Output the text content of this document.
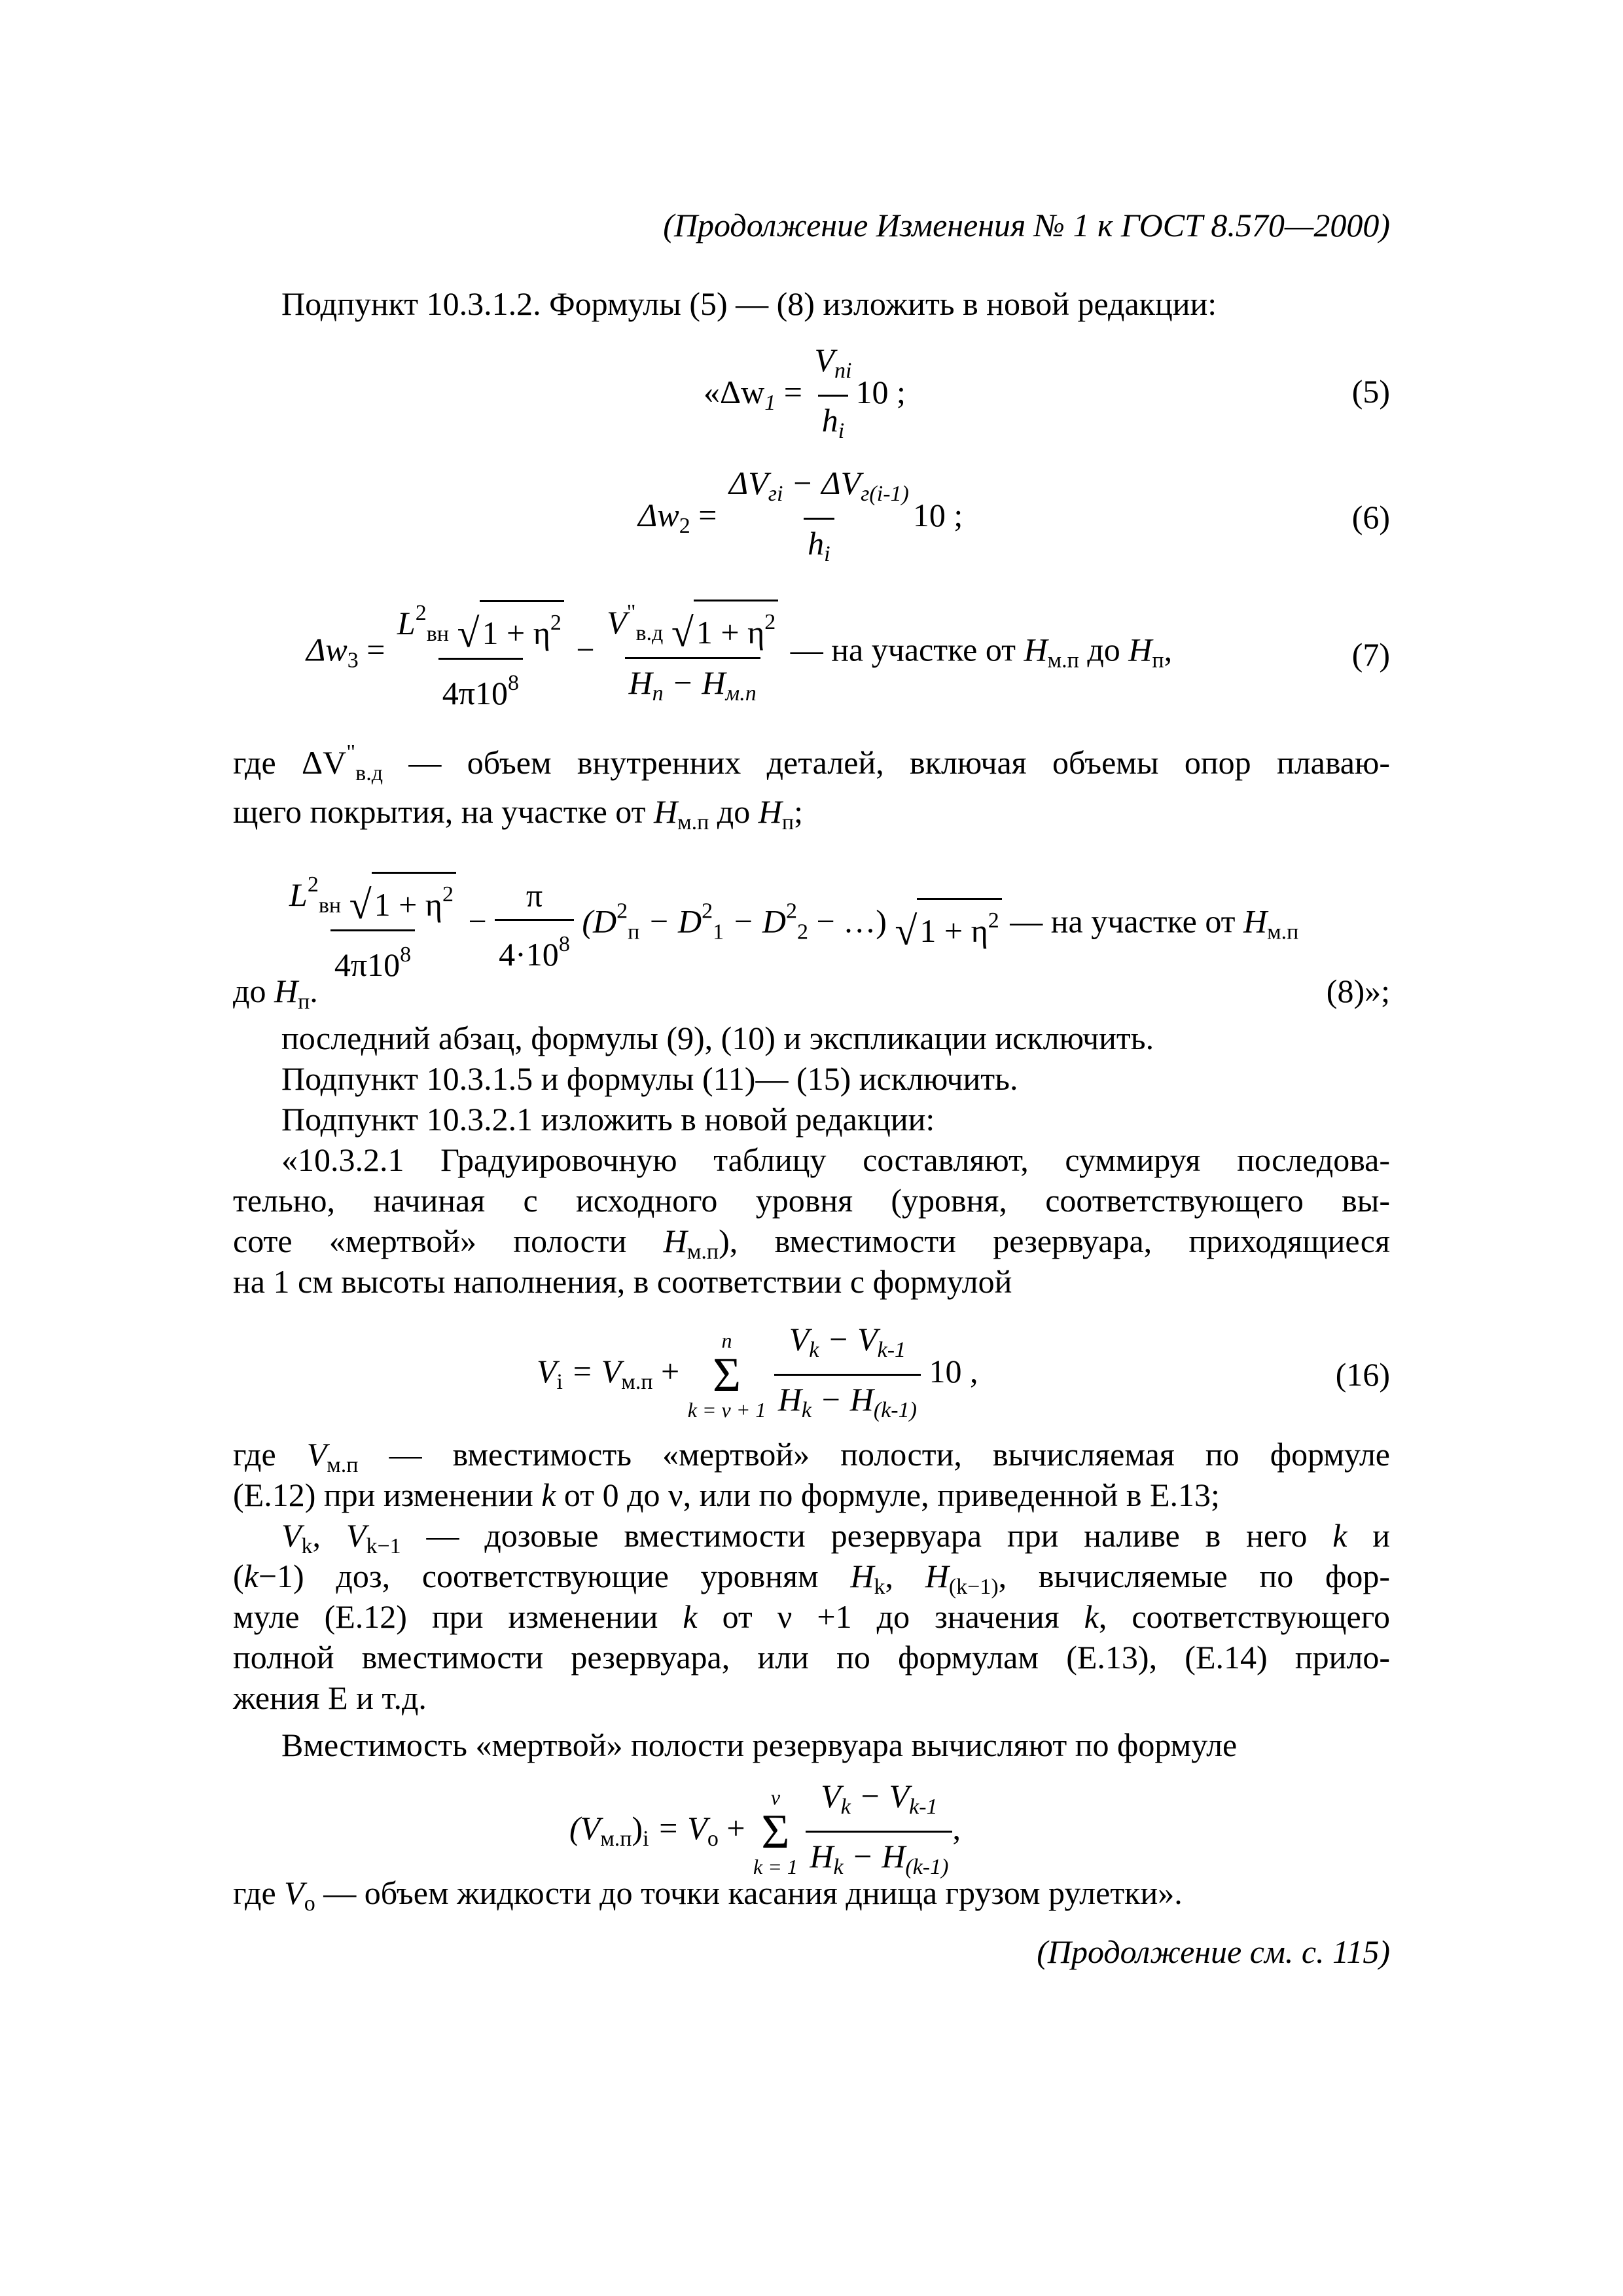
(Продолжение Изменения № 1 к ГОСТ 8.570—2000)
Подпункт 10.3.1.2. Формулы (5) — (8) изложить в новой редакции:
«$\Delta w_1 = \frac{V_{пi}}{h_i} 10$ ;	(5)
$\Delta w_2 = \frac{\Delta V_{гi} - \Delta V_{г(i-1)}}{h_i} 10$ ;	(6)
$\Delta w_3 = \frac{L^2_{вн} √ 1 + \eta^2}{4\pi 10^8} - \frac{V^"_{в.д} √ 1 + \eta^2}{H_п - H_{м.п}}$ — на участке от $H_{м.п}$ до $H_п$,	(7)
где $\Delta V^"_{в.д}$ — объем внутренних деталей, включая объемы опор плаваю-
щего покрытия, на участке от $H_{м.п}$ до $H_п$;
$\frac{L^2_{вн} √ 1 + \eta^2}{4\pi 10^8} - \frac{\pi}{4\cdot 10^8} (D^2_п - D^2_1 - D^2_2$ − …) √ $1 + \eta^2$ — на участке от $H_{м.п}$
до $H_п$.	(8)»;
последний абзац, формулы (9), (10) и экспликации исключить.
Подпункт 10.3.1.5 и формулы (11)— (15) исключить.
Подпункт 10.3.2.1 изложить в новой редакции:
«10.3.2.1 Градуировочную таблицу составляют, суммируя последова-
тельно, начиная с исходного уровня (уровня, соответствующего вы-
соте «мертвой» полости $H_{м.п}$), вместимости резервуара, приходящиеся
на 1 см высоты наполнения, в соответствии с формулой
$V_i = V_{м.п}$ +
n
Σ
k = ν + 1
$\frac{V_k - V_{k-1}}{H_k - H_{(k-1)}} 10$ ,	(16)
где $V_{м.п}$ — вместимость «мертвой» полости, вычисляемая по формуле
(Е.12) при изменении k от 0 до ν, или по формуле, приведенной в Е.13;
$V_k$, $V_{k-1}$ — дозовые вместимости резервуара при наливе в него k и
(k−1) доз, соответствующие уровням $H_k$, $H_{(k-1)}$, вычисляемые по фор-
муле (Е.12) при изменении k от ν +1 до значения k, соответствующего
полной вместимости резервуара, или по формулам (Е.13), (Е.14) прило-
жения Е и т.д.
Вместимость «мертвой» полости резервуара вычисляют по формуле
$(V_{м.п})_i = V_о$ +
ν
Σ
k = 1
$\frac{V_k - V_{k-1}}{H_k - H_{(k-1)}}$ ,
где $V_о$ — объем жидкости до точки касания днища грузом рулетки».
(Продолжение см. с. 115)
